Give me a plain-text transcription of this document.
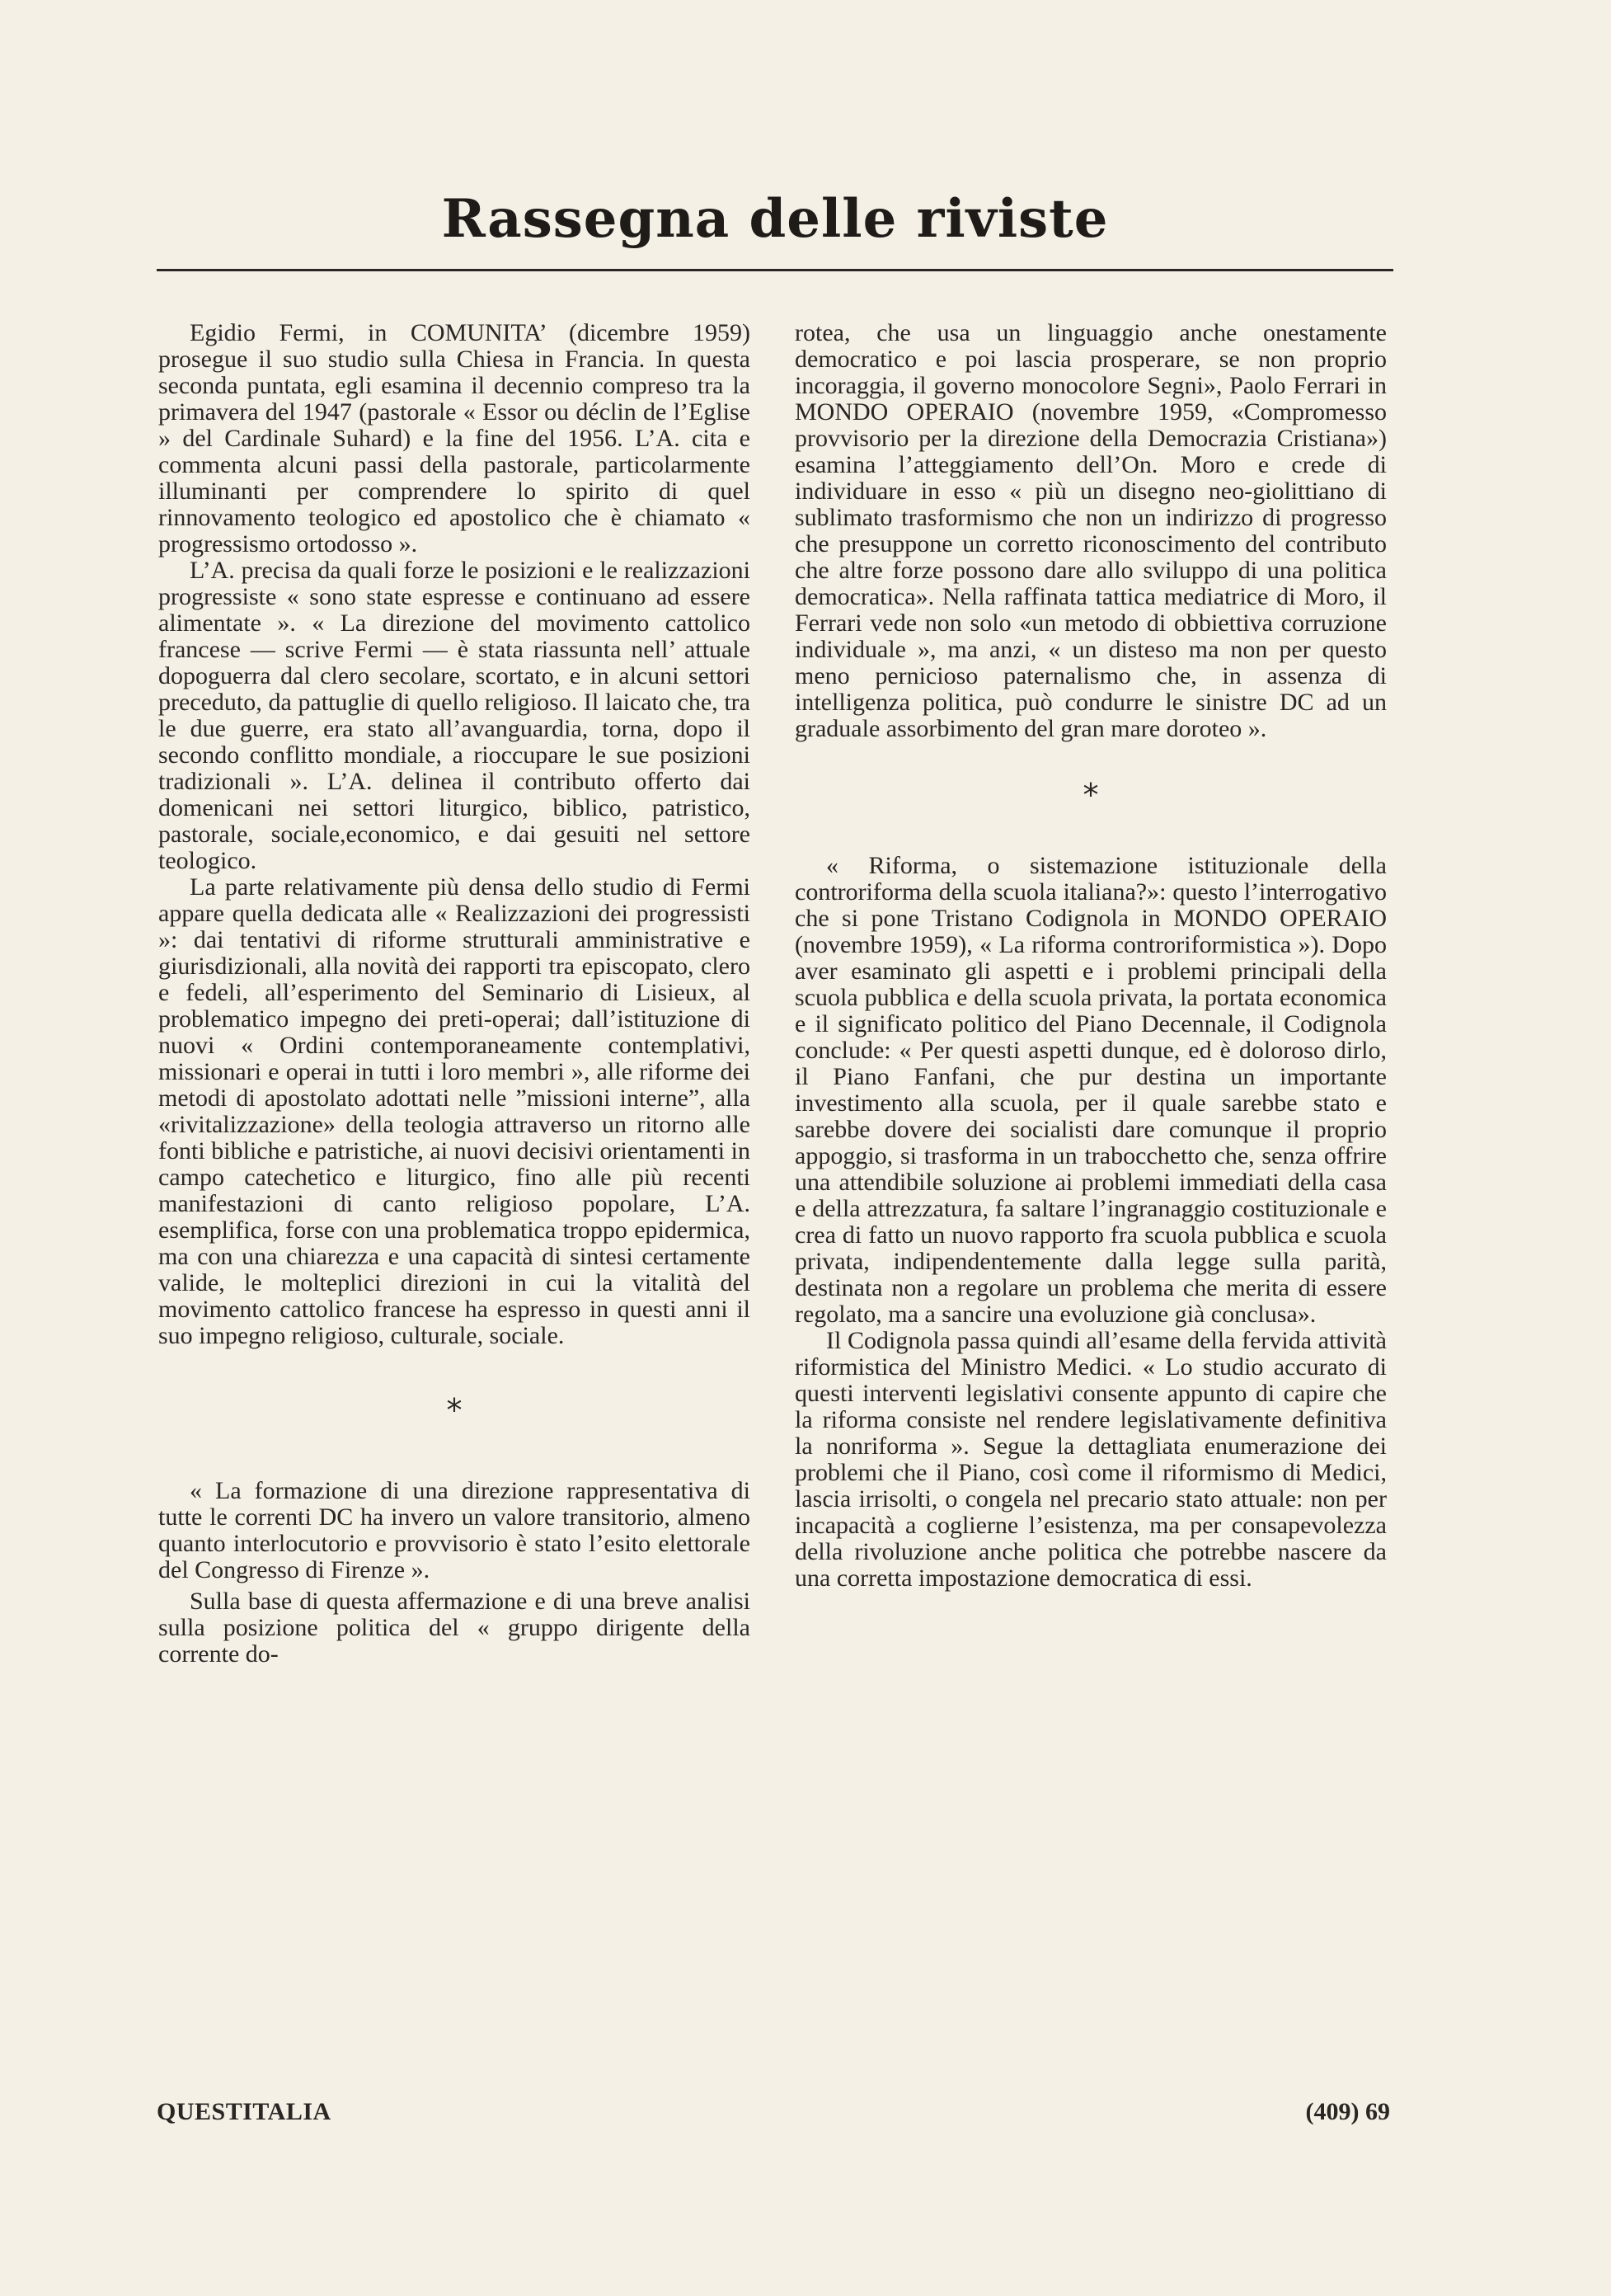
Rassegna delle riviste

Egidio Fermi, in COMUNITA’ (dicembre 1959) prosegue il suo studio sulla Chiesa in Francia. In questa seconda puntata, egli esamina il decennio compreso tra la primavera del 1947 (pastorale « Essor ou déclin de l’Eglise » del Cardinale Suhard) e la fine del 1956. L’A. cita e commenta alcuni passi della pastorale, particolarmente illuminanti per comprendere lo spirito di quel rinnovamento teologico ed apostolico che è chiamato « progressismo ortodosso ».

L’A. precisa da quali forze le posizioni e le realizzazioni progressiste « sono state espresse e continuano ad essere alimentate ». « La direzione del movimento cattolico francese — scrive Fermi — è stata riassunta nell’ attuale dopoguerra dal clero secolare, scortato, e in alcuni settori preceduto, da pattuglie di quello religioso. Il laicato che, tra le due guerre, era stato all’avanguardia, torna, dopo il secondo conflitto mondiale, a rioccupare le sue posizioni tradizionali ». L’A. delinea il contributo offerto dai domenicani nei settori liturgico, biblico, patristico, pastorale, sociale,economico, e dai gesuiti nel settore teologico.

La parte relativamente più densa dello studio di Fermi appare quella dedicata alle « Realizzazioni dei progressisti »: dai tentativi di riforme strutturali amministrative e giurisdizionali, alla novità dei rapporti tra episcopato, clero e fedeli, all’esperimento del Seminario di Lisieux, al problematico impegno dei preti-operai; dall’istituzione di nuovi « Ordini contemporaneamente contemplativi, missionari e operai in tutti i loro membri », alle riforme dei metodi di apostolato adottati nelle ”missioni interne”, alla «rivitalizzazione» della teologia attraverso un ritorno alle fonti bibliche e patristiche, ai nuovi decisivi orientamenti in campo catechetico e liturgico, fino alle più recenti manifestazioni di canto religioso popolare, L’A. esemplifica, forse con una problematica troppo epidermica, ma con una chiarezza e una capacità di sintesi certamente valide, le molteplici direzioni in cui la vitalità del movimento cattolico francese ha espresso in questi anni il suo impegno religioso, culturale, sociale.

*

« La formazione di una direzione rappresentativa di tutte le correnti DC ha invero un valore transitorio, almeno quanto interlocutorio e provvisorio è stato l’esito elettorale del Congresso di Firenze ».

Sulla base di questa affermazione e di una breve analisi sulla posizione politica del « gruppo dirigente della corrente do-

rotea, che usa un linguaggio anche onestamente democratico e poi lascia prosperare, se non proprio incoraggia, il governo monocolore Segni», Paolo Ferrari in MONDO OPERAIO (novembre 1959, «Compromesso provvisorio per la direzione della Democrazia Cristiana») esamina l’atteggiamento dell’On. Moro e crede di individuare in esso « più un disegno neo-giolittiano di sublimato trasformismo che non un indirizzo di progresso che presuppone un corretto riconoscimento del contributo che altre forze possono dare allo sviluppo di una politica democratica». Nella raffinata tattica mediatrice di Moro, il Ferrari vede non solo «un metodo di obbiettiva corruzione individuale », ma anzi, « un disteso ma non per questo meno pernicioso paternalismo che, in assenza di intelligenza politica, può condurre le sinistre DC ad un graduale assorbimento del gran mare doroteo ».

*

« Riforma, o sistemazione istituzionale della controriforma della scuola italiana?»: questo l’interrogativo che si pone Tristano Codignola in MONDO OPERAIO (novembre 1959), « La riforma controriformistica »). Dopo aver esaminato gli aspetti e i problemi principali della scuola pubblica e della scuola privata, la portata economica e il significato politico del Piano Decennale, il Codignola conclude: « Per questi aspetti dunque, ed è doloroso dirlo, il Piano Fanfani, che pur destina un importante investimento alla scuola, per il quale sarebbe stato e sarebbe dovere dei socialisti dare comunque il proprio appoggio, si trasforma in un trabocchetto che, senza offrire una attendibile soluzione ai problemi immediati della casa e della attrezzatura, fa saltare l’ingranaggio costituzionale e crea di fatto un nuovo rapporto fra scuola pubblica e scuola privata, indipendentemente dalla legge sulla parità, destinata non a regolare un problema che merita di essere regolato, ma a sancire una evoluzione già conclusa».

Il Codignola passa quindi all’esame della fervida attività riformistica del Ministro Medici. « Lo studio accurato di questi interventi legislativi consente appunto di capire che la riforma consiste nel rendere legislativamente definitiva la nonriforma ». Segue la dettagliata enumerazione dei problemi che il Piano, così come il riformismo di Medici, lascia irrisolti, o congela nel precario stato attuale: non per incapacità a coglierne l’esistenza, ma per consapevolezza della rivoluzione anche politica che potrebbe nascere da una corretta impostazione democratica di essi.

QUESTITALIA	(409) 69
